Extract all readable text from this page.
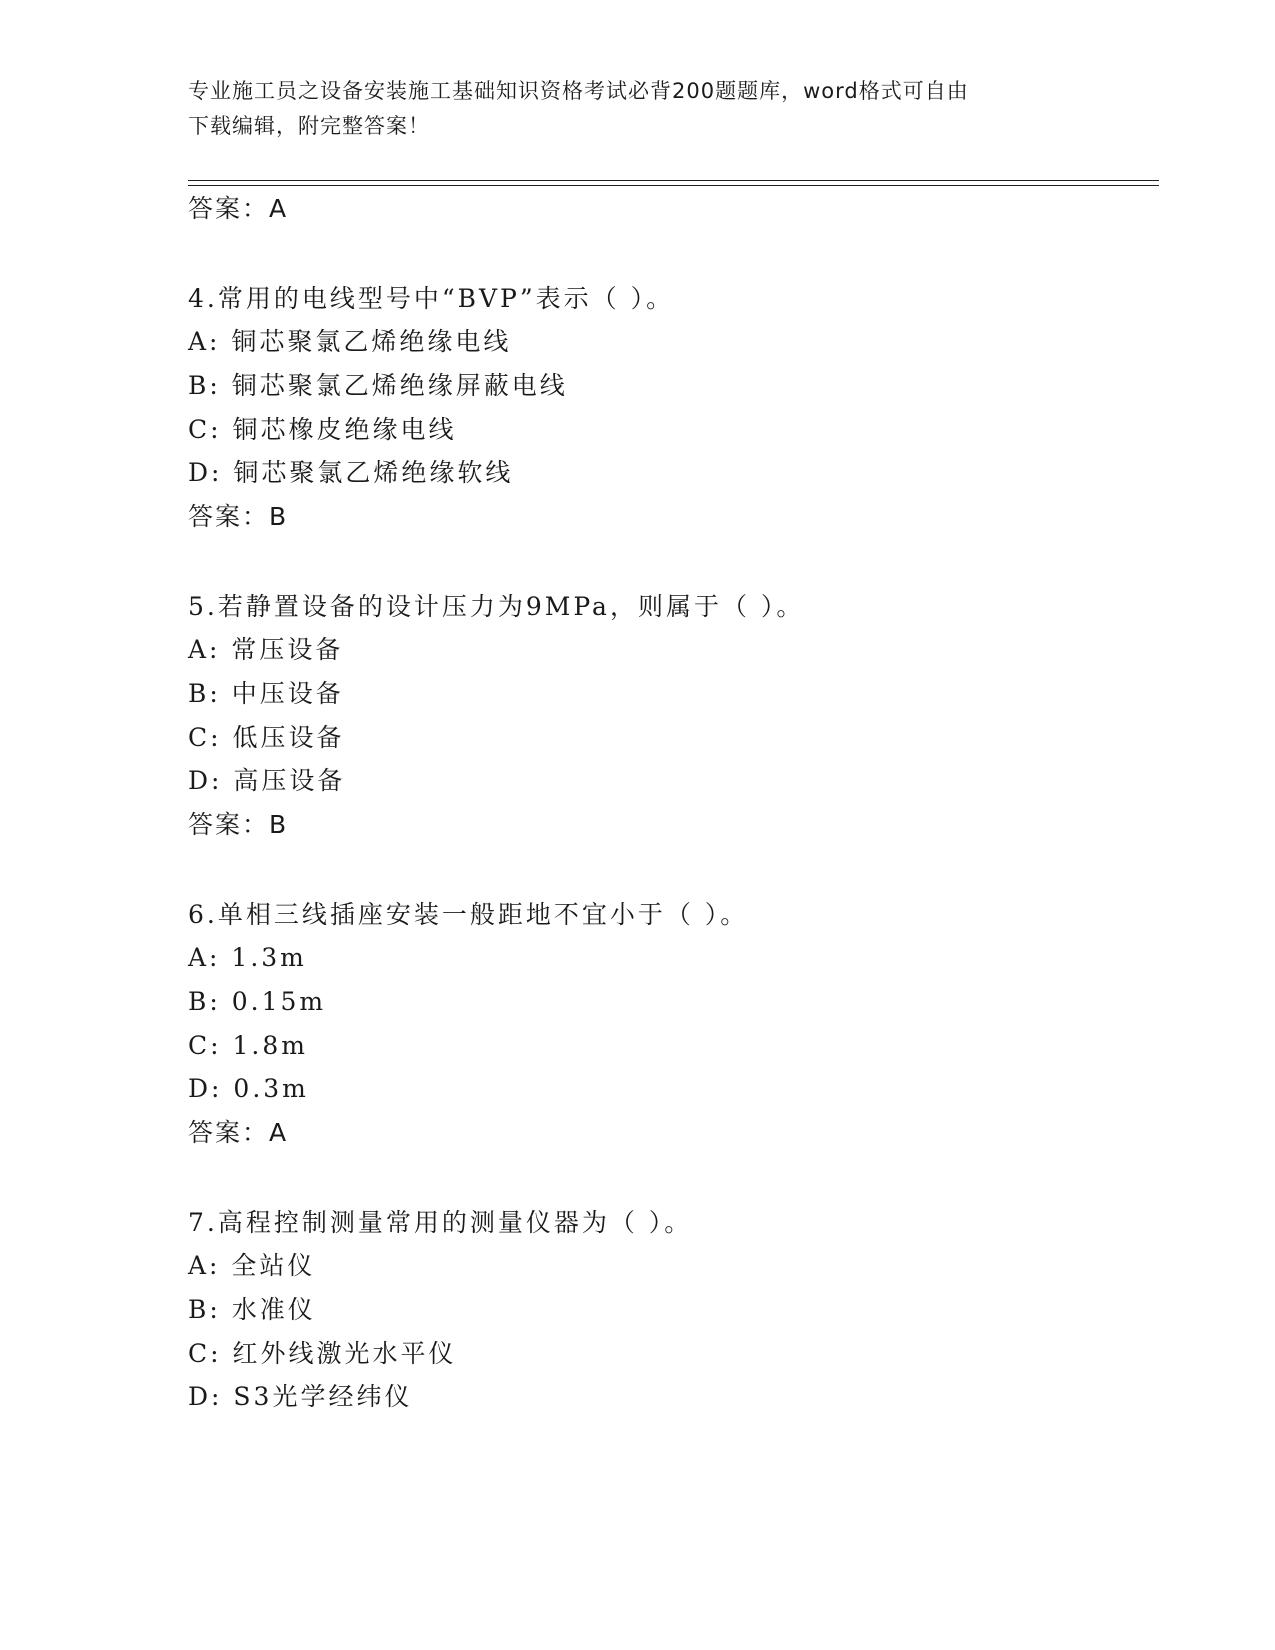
专业施工员之设备安装施工基础知识资格考试必背200题题库，word格式可自由
下载编辑，附完整答案！
答案：A
4.常用的电线型号中“BVP”表示（ ）。
A: 铜芯聚氯乙烯绝缘电线
B: 铜芯聚氯乙烯绝缘屏蔽电线
C: 铜芯橡皮绝缘电线
D: 铜芯聚氯乙烯绝缘软线
答案：B
5.若静置设备的设计压力为9MPa，则属于（ ）。
A: 常压设备
B: 中压设备
C: 低压设备
D: 高压设备
答案：B
6.单相三线插座安装一般距地不宜小于（ ）。
A: 1.3m
B: 0.15m
C: 1.8m
D: 0.3m
答案：A
7.高程控制测量常用的测量仪器为（ ）。
A: 全站仪
B: 水准仪
C: 红外线激光水平仪
D: S3光学经纬仪
